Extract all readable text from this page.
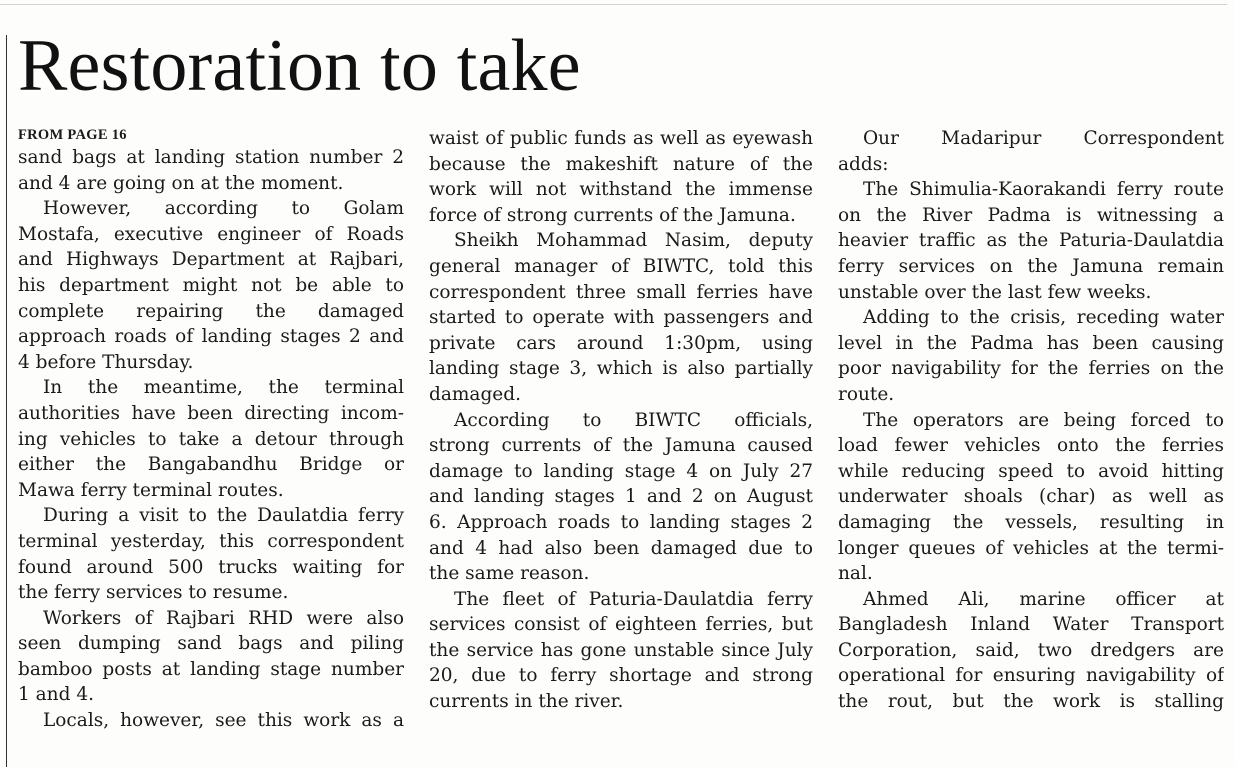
Restoration to take
FROM PAGE 16
sand bags at landing station number 2
and 4 are going on at the moment.
However, according to Golam
Mostafa, executive engineer of Roads
and Highways Department at Rajbari,
his department might not be able to
complete repairing the damaged
approach roads of landing stages 2 and
4 before Thursday.
In the meantime, the terminal
authorities have been directing incom-
ing vehicles to take a detour through
either the Bangabandhu Bridge or
Mawa ferry terminal routes.
During a visit to the Daulatdia ferry
terminal yesterday, this correspondent
found around 500 trucks waiting for
the ferry services to resume.
Workers of Rajbari RHD were also
seen dumping sand bags and piling
bamboo posts at landing stage number
1 and 4.
Locals, however, see this work as a
waist of public funds as well as eyewash
because the makeshift nature of the
work will not withstand the immense
force of strong currents of the Jamuna.
Sheikh Mohammad Nasim, deputy
general manager of BIWTC, told this
correspondent three small ferries have
started to operate with passengers and
private cars around 1:30pm, using
landing stage 3, which is also partially
damaged.
According to BIWTC officials,
strong currents of the Jamuna caused
damage to landing stage 4 on July 27
and landing stages 1 and 2 on August
6. Approach roads to landing stages 2
and 4 had also been damaged due to
the same reason.
The fleet of Paturia-Daulatdia ferry
services consist of eighteen ferries, but
the service has gone unstable since July
20, due to ferry shortage and strong
currents in the river.
Our Madaripur Correspondent
adds:
The Shimulia-Kaorakandi ferry route
on the River Padma is witnessing a
heavier traffic as the Paturia-Daulatdia
ferry services on the Jamuna remain
unstable over the last few weeks.
Adding to the crisis, receding water
level in the Padma has been causing
poor navigability for the ferries on the
route.
The operators are being forced to
load fewer vehicles onto the ferries
while reducing speed to avoid hitting
underwater shoals (char) as well as
damaging the vessels, resulting in
longer queues of vehicles at the termi-
nal.
Ahmed Ali, marine officer at
Bangladesh Inland Water Transport
Corporation, said, two dredgers are
operational for ensuring navigability of
the rout, but the work is stalling
